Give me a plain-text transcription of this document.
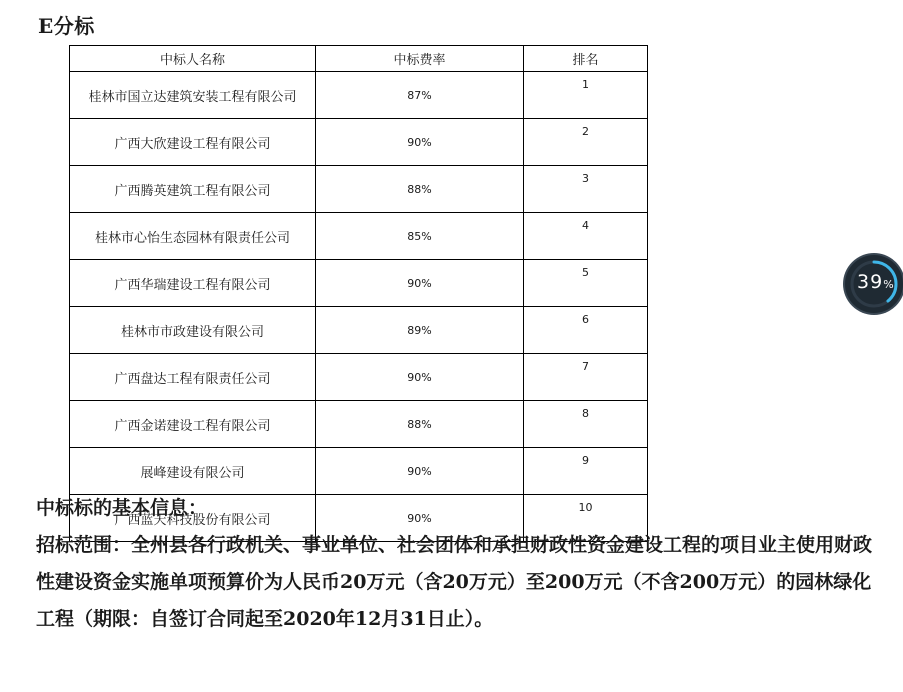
E分标
中标人名称	中标费率	排名
桂林市国立达建筑安装工程有限公司	87%	1
广西大欣建设工程有限公司	90%	2
广西腾英建筑工程有限公司	88%	3
桂林市心怡生态园林有限责任公司	85%	4
广西华瑞建设工程有限公司	90%	5
桂林市市政建设有限公司	89%	6
广西盘达工程有限责任公司	90%	7
广西金诺建设工程有限公司	88%	8
展峰建设有限公司	90%	9
广西蓝天科技股份有限公司	90%	10

中标标的基本信息：

招标范围：全州县各行政机关、事业单位、社会团体和承担财政性资金建设工程的项目业主使用财政性建设资金实施单项预算价为人民币20万元（含20万元）至200万元（不含200万元）的园林绿化工程（期限：自签订合同起至2020年12月31日止）。

39%
